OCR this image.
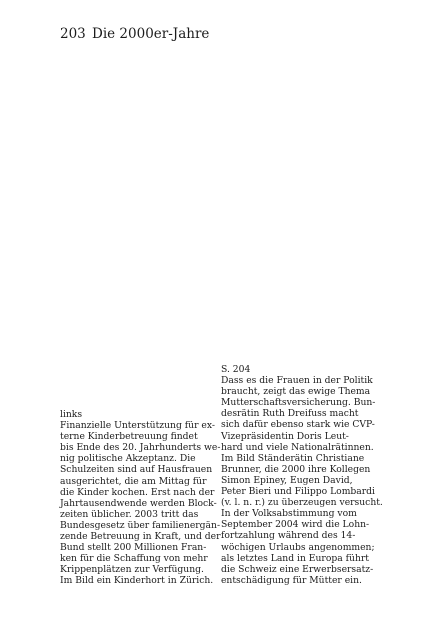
203 Die 2000er-Jahre
links
Finanzielle Unterstützung für ex-
terne Kinderbetreuung findet
bis Ende des 20. Jahrhunderts we-
nig politische Akzeptanz. Die
Schulzeiten sind auf Hausfrauen
ausgerichtet, die am Mittag für
die Kinder kochen. Erst nach der
Jahrtausendwende werden Block-
zeiten üblicher. 2003 tritt das
Bundesgesetz über familienergän-
zende Betreuung in Kraft, und der
Bund stellt 200 Millionen Fran-
ken für die Schaffung von mehr
Krippenplätzen zur Verfügung.
Im Bild ein Kinderhort in Zürich.
S. 204
Dass es die Frauen in der Politik
braucht, zeigt das ewige Thema
Mutterschaftsversicherung. Bun-
desrätin Ruth Dreifuss macht
sich dafür ebenso stark wie CVP-
Vizepräsidentin Doris Leut-
hard und viele Nationalrätinnen.
Im Bild Ständerätin Christiane
Brunner, die 2000 ihre Kollegen
Simon Epiney, Eugen David,
Peter Bieri und Filippo Lombardi
(v. l. n. r.) zu überzeugen versucht.
In der Volksabstimmung vom
September 2004 wird die Lohn-
fortzahlung während des 14-
wöchigen Urlaubs angenommen;
als letztes Land in Europa führt
die Schweiz eine Erwerbsersatz-
entschädigung für Mütter ein.
